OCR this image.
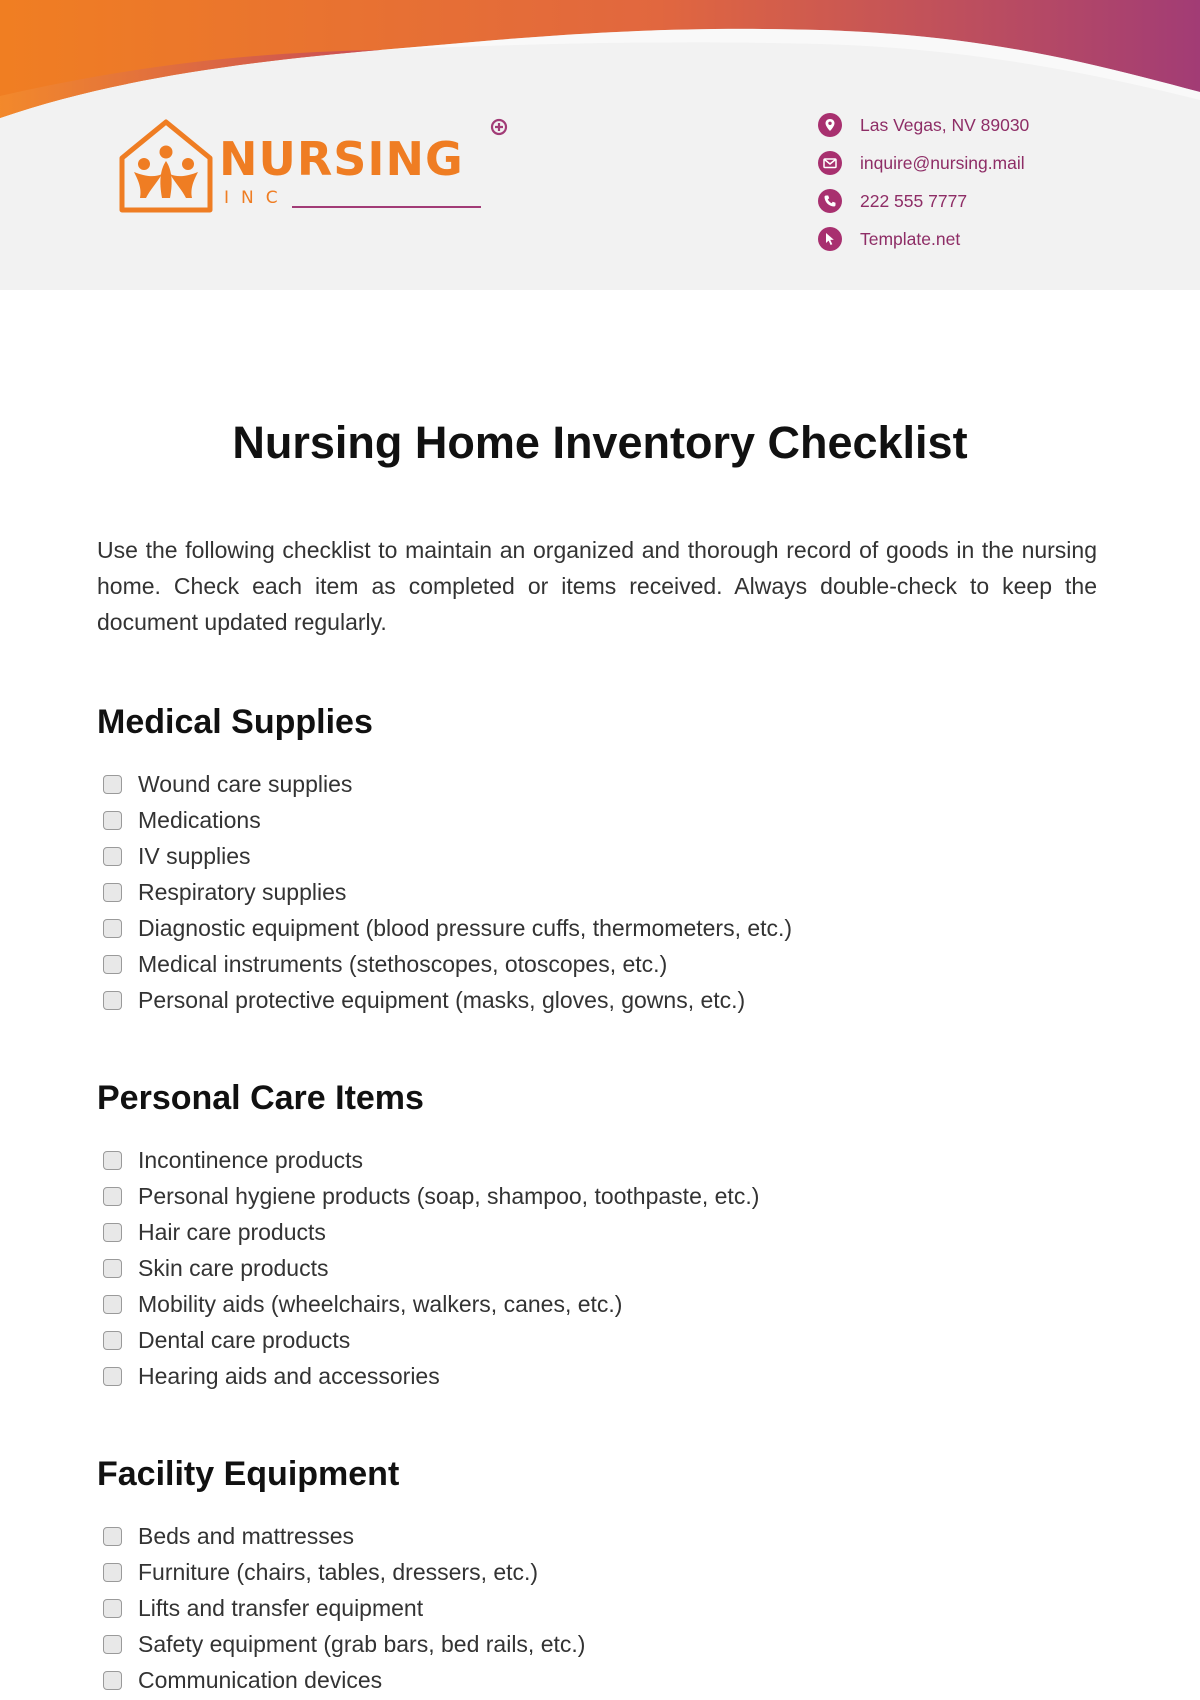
NURSING
INC
Las Vegas, NV 89030
inquire@nursing.mail
222 555 7777
Template.net
Nursing Home Inventory Checklist

Use the following checklist to maintain an organized and thorough record of goods in the nursing home. Check each item as completed or items received. Always double-check to keep the document updated regularly.

Medical Supplies
Wound care supplies
Medications
IV supplies
Respiratory supplies
Diagnostic equipment (blood pressure cuffs, thermometers, etc.)
Medical instruments (stethoscopes, otoscopes, etc.)
Personal protective equipment (masks, gloves, gowns, etc.)
Personal Care Items
Incontinence products
Personal hygiene products (soap, shampoo, toothpaste, etc.)
Hair care products
Skin care products
Mobility aids (wheelchairs, walkers, canes, etc.)
Dental care products
Hearing aids and accessories
Facility Equipment
Beds and mattresses
Furniture (chairs, tables, dressers, etc.)
Lifts and transfer equipment
Safety equipment (grab bars, bed rails, etc.)
Communication devices
